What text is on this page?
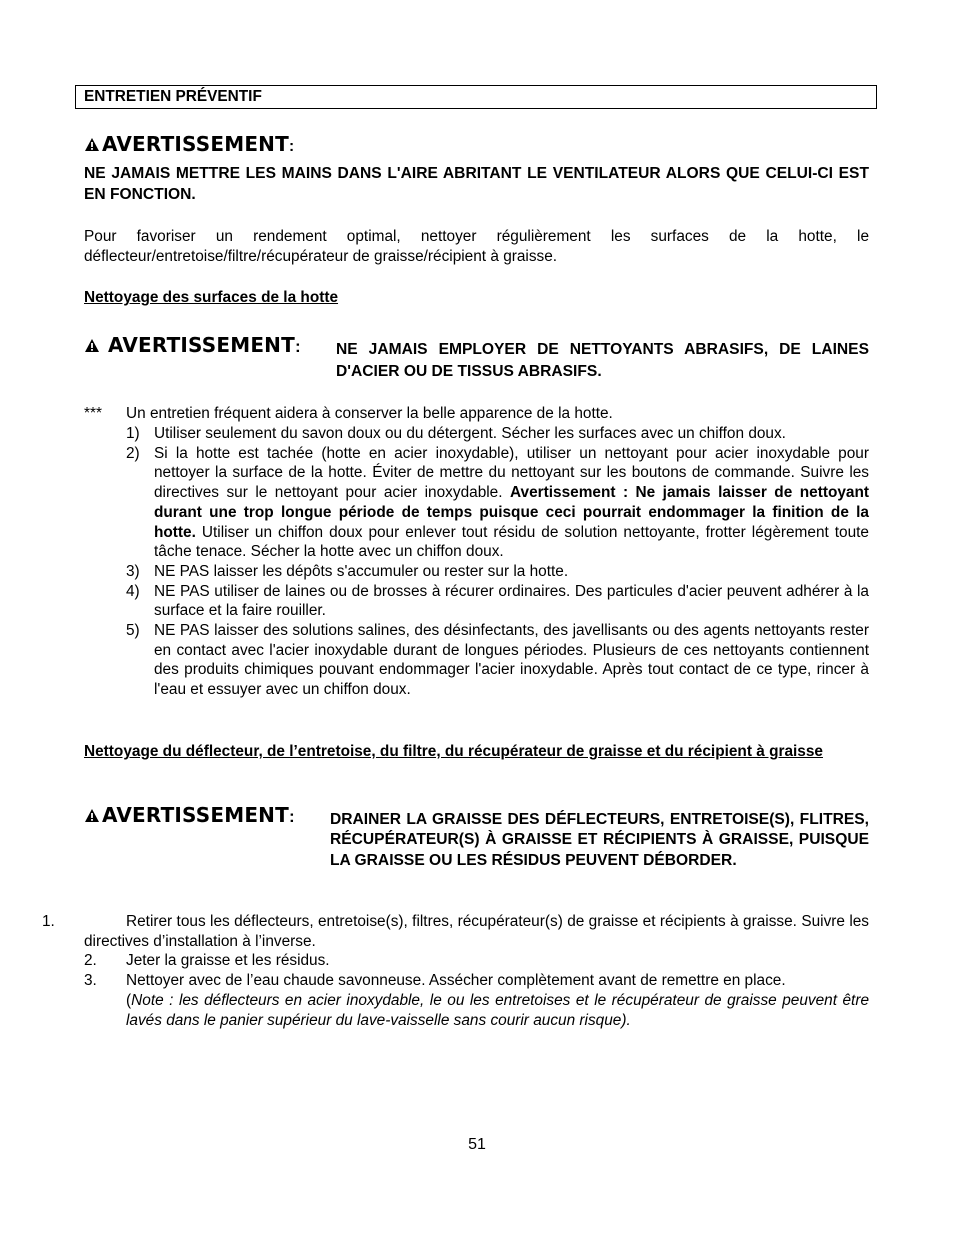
ENTRETIEN PRÉVENTIF
AVERTISSEMENT:
NE JAMAIS METTRE LES MAINS DANS L'AIRE ABRITANT LE VENTILATEUR ALORS QUE CELUI-CI EST EN FONCTION.
Pour favoriser un rendement optimal, nettoyer régulièrement les surfaces de la hotte, le déflecteur/entretoise/filtre/récupérateur de graisse/récipient à graisse.
Nettoyage des surfaces de la hotte
AVERTISSEMENT: NE JAMAIS EMPLOYER DE NETTOYANTS ABRASIFS, DE LAINES D'ACIER OU DE TISSUS ABRASIFS.
*** Un entretien fréquent aidera à conserver la belle apparence de la hotte.
1) Utiliser seulement du savon doux ou du détergent. Sécher les surfaces avec un chiffon doux.
2) Si la hotte est tachée (hotte en acier inoxydable), utiliser un nettoyant pour acier inoxydable pour nettoyer la surface de la hotte. Éviter de mettre du nettoyant sur les boutons de commande. Suivre les directives sur le nettoyant pour acier inoxydable. Avertissement : Ne jamais laisser de nettoyant durant une trop longue période de temps puisque ceci pourrait endommager la finition de la hotte. Utiliser un chiffon doux pour enlever tout résidu de solution nettoyante, frotter légèrement toute tâche tenace. Sécher la hotte avec un chiffon doux.
3) NE PAS laisser les dépôts s'accumuler ou rester sur la hotte.
4) NE PAS utiliser de laines ou de brosses à récurer ordinaires. Des particules d'acier peuvent adhérer à la surface et la faire rouiller.
5) NE PAS laisser des solutions salines, des désinfectants, des javellisants ou des agents nettoyants rester en contact avec l'acier inoxydable durant de longues périodes. Plusieurs de ces nettoyants contiennent des produits chimiques pouvant endommager l'acier inoxydable. Après tout contact de ce type, rincer à l'eau et essuyer avec un chiffon doux.
Nettoyage du déflecteur, de l’entretoise, du filtre, du récupérateur de graisse et du récipient à graisse
AVERTISSEMENT: DRAINER LA GRAISSE DES DÉFLECTEURS, ENTRETOISE(S), FLITRES, RÉCUPÉRATEUR(S) À GRAISSE ET RÉCIPIENTS À GRAISSE, PUISQUE LA GRAISSE OU LES RÉSIDUS PEUVENT DÉBORDER.
1.	Retirer tous les déflecteurs, entretoise(s), filtres, récupérateur(s) de graisse et récipients à graisse. Suivre les directives d’installation à l’inverse.
2. Jeter la graisse et les résidus.
3. Nettoyer avec de l’eau chaude savonneuse. Assécher complètement avant de remettre en place.
(Note : les déflecteurs en acier inoxydable, le ou les entretoises et le récupérateur de graisse peuvent être lavés dans le panier supérieur du lave-vaisselle sans courir aucun risque).
51
